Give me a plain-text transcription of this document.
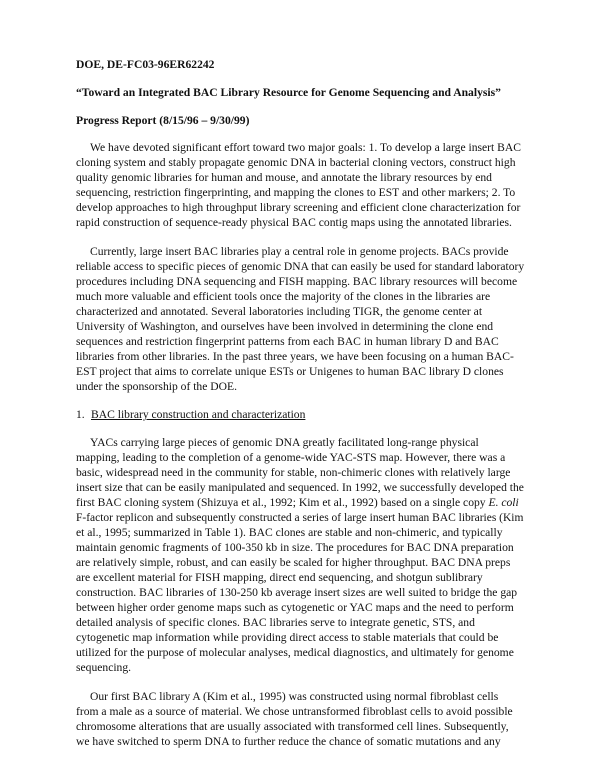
DOE, DE-FC03-96ER62242
“Toward an Integrated BAC Library Resource for Genome Sequencing and Analysis”
Progress Report (8/15/96 – 9/30/99)
We have devoted significant effort toward two major goals: 1. To develop a large insert BAC
cloning system and stably propagate genomic DNA in bacterial cloning vectors, construct high
quality genomic libraries for human and mouse, and annotate the library resources by end
sequencing, restriction fingerprinting, and mapping the clones to EST and other markers; 2. To
develop approaches to high throughput library screening and efficient clone characterization for
rapid construction of sequence-ready physical BAC contig maps using the annotated libraries.
Currently, large insert BAC libraries play a central role in genome projects. BACs provide
reliable access to specific pieces of genomic DNA that can easily be used for standard laboratory
procedures including DNA sequencing and FISH mapping. BAC library resources will become
much more valuable and efficient tools once the majority of the clones in the libraries are
characterized and annotated. Several laboratories including TIGR, the genome center at
University of Washington, and ourselves have been involved in determining the clone end
sequences and restriction fingerprint patterns from each BAC in human library D and BAC
libraries from other libraries. In the past three years, we have been focusing on a human BAC-
EST project that aims to correlate unique ESTs or Unigenes to human BAC library D clones
under the sponsorship of the DOE.
1. BAC library construction and characterization
YACs carrying large pieces of genomic DNA greatly facilitated long-range physical
mapping, leading to the completion of a genome-wide YAC-STS map. However, there was a
basic, widespread need in the community for stable, non-chimeric clones with relatively large
insert size that can be easily manipulated and sequenced. In 1992, we successfully developed the
first BAC cloning system (Shizuya et al., 1992; Kim et al., 1992) based on a single copy E. coli
F-factor replicon and subsequently constructed a series of large insert human BAC libraries (Kim
et al., 1995; summarized in Table 1). BAC clones are stable and non-chimeric, and typically
maintain genomic fragments of 100-350 kb in size. The procedures for BAC DNA preparation
are relatively simple, robust, and can easily be scaled for higher throughput. BAC DNA preps
are excellent material for FISH mapping, direct end sequencing, and shotgun sublibrary
construction. BAC libraries of 130-250 kb average insert sizes are well suited to bridge the gap
between higher order genome maps such as cytogenetic or YAC maps and the need to perform
detailed analysis of specific clones. BAC libraries serve to integrate genetic, STS, and
cytogenetic map information while providing direct access to stable materials that could be
utilized for the purpose of molecular analyses, medical diagnostics, and ultimately for genome
sequencing.
Our first BAC library A (Kim et al., 1995) was constructed using normal fibroblast cells
from a male as a source of material. We chose untransformed fibroblast cells to avoid possible
chromosome alterations that are usually associated with transformed cell lines. Subsequently,
we have switched to sperm DNA to further reduce the chance of somatic mutations and any
